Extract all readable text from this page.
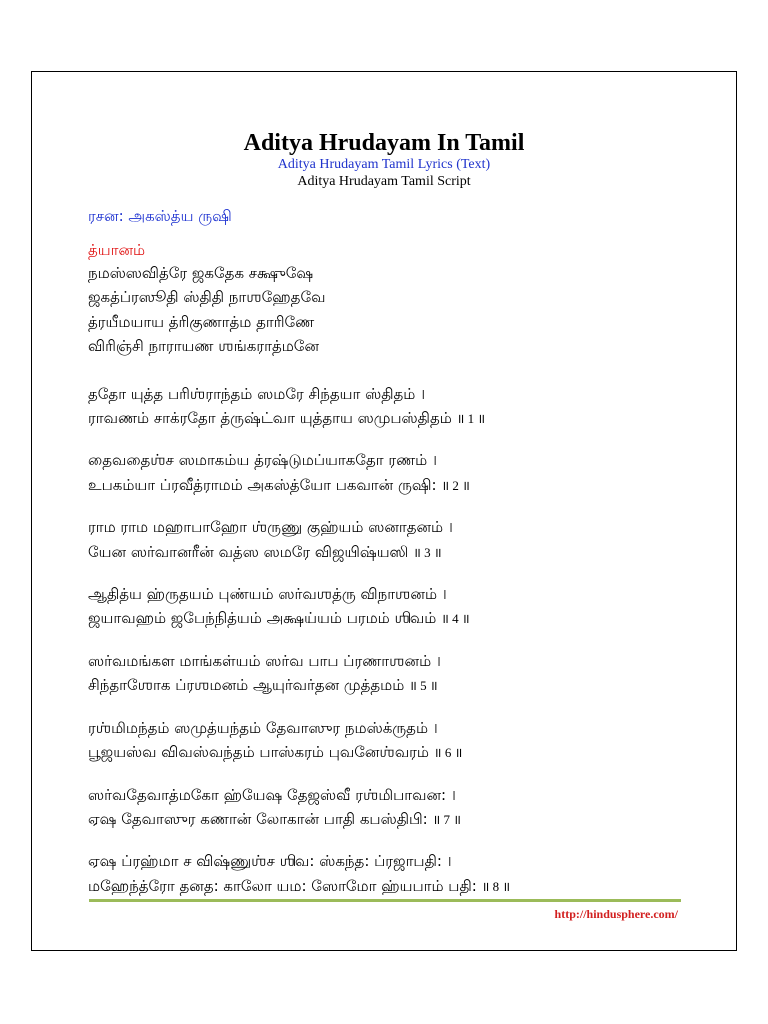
Aditya Hrudayam In Tamil
Aditya Hrudayam Tamil Lyrics (Text)
Aditya Hrudayam Tamil Script
ரசன: அகஸ்த்ய ருஷி
த்யானம்
நமஸ்ஸவித்ரே ஜகதேக சக்ஷுஷே
ஜகத்ப்ரஸூதி ஸ்திதி நாஶஹேதவே
த்ரயீமயாய த்ரிகுணாத்ம தாரிணே
விரிஞ்சி நாராயண ஶங்கராத்மனே
ததோ யுத்த பரிஶ்ராந்தம் ஸமரே சிந்தயா ஸ்திதம் ।
ராவணம் சாக்ரதோ த்ருஷ்ட்வா யுத்தாய ஸமுபஸ்திதம் ॥ 1 ॥
தைவதைஶ்ச ஸமாகம்ய த்ரஷ்டுமப்யாகதோ ரணம் ।
உபகம்யா ப்ரவீத்ராமம் அகஸ்த்யோ பகவான் ருஷி꞉ ॥ 2 ॥
ராம ராம மஹாபாஹோ ஶ்ருணு குஹ்யம் ஸனாதனம் ।
யேன ஸர்வானரீன் வத்ஸ ஸமரே விஜயிஷ்யஸி ॥ 3 ॥
ஆதித்ய ஹ்ருதயம் புண்யம் ஸர்வஶத்ரு விநாஶனம் ।
ஜயாவஹம் ஜபேந்நித்யம் அக்ஷய்யம் பரமம் ஶிவம் ॥ 4 ॥
ஸர்வமங்கள மாங்கள்யம் ஸர்வ பாப ப்ரணாஶனம் ।
சிந்தாஶோக ப்ரஶமனம் ஆயுர்வர்தன முத்தமம் ॥ 5 ॥
ரஶ்மிமந்தம் ஸமுத்யந்தம் தேவாஸுர நமஸ்க்ருதம் ।
பூஜயஸ்வ விவஸ்வந்தம் பாஸ்கரம் புவனேஶ்வரம் ॥ 6 ॥
ஸர்வதேவாத்மகோ ஹ்யேஷ தேஜஸ்வீ ரஶ்மிபாவன꞉ ।
ஏஷ தேவாஸுர கணான் லோகான் பாதி கபஸ்திபி꞉ ॥ 7 ॥
ஏஷ ப்ரஹ்மா ச விஷ்ணுஶ்ச ஶிவ꞉ ஸ்கந்த꞉ ப்ரஜாபதி꞉ ।
மஹேந்த்ரோ தனத꞉ காலோ யம꞉ ஸோமோ ஹ்யபாம் பதி꞉ ॥ 8 ॥
http://hindusphere.com/
